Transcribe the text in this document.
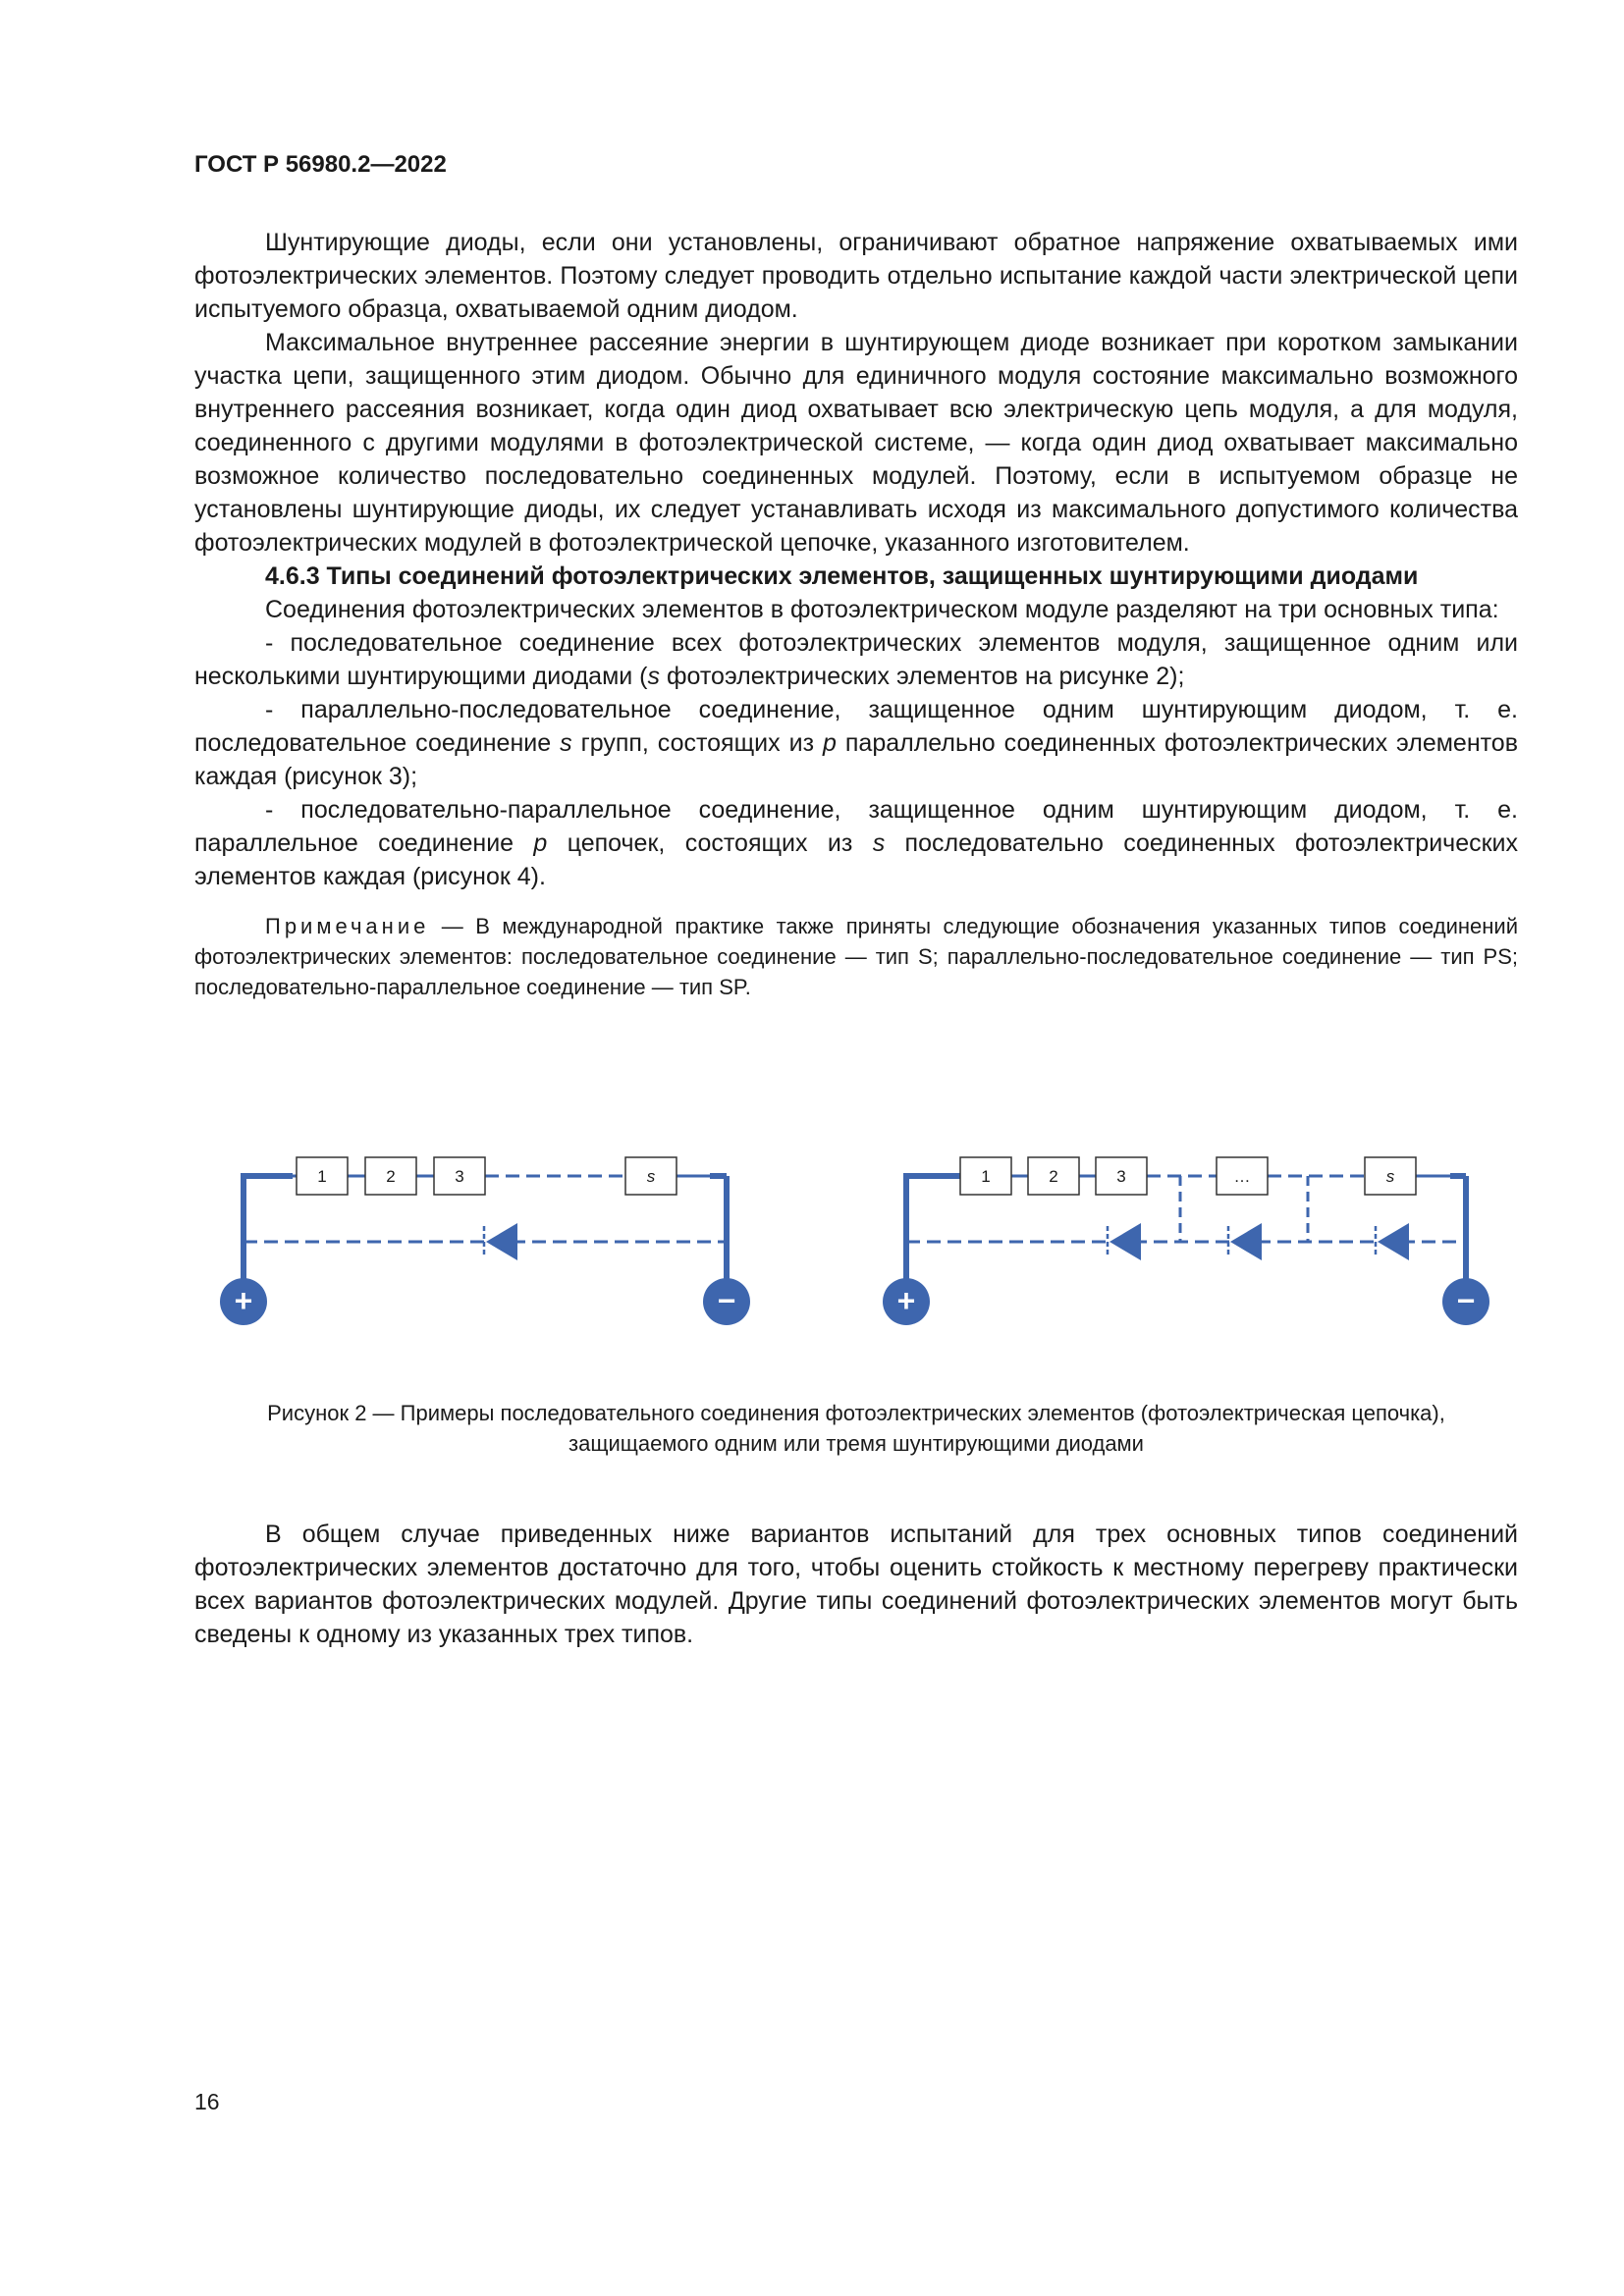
ГОСТ Р 56980.2—2022

Шунтирующие диоды, если они установлены, ограничивают обратное напряжение охватываемых ими фотоэлектрических элементов. Поэтому следует проводить отдельно испытание каждой части электрической цепи испытуемого образца, охватываемой одним диодом.

Максимальное внутреннее рассеяние энергии в шунтирующем диоде возникает при коротком замыкании участка цепи, защищенного этим диодом. Обычно для единичного модуля состояние максимально возможного внутреннего рассеяния возникает, когда один диод охватывает всю электрическую цепь модуля, а для модуля, соединенного с другими модулями в фотоэлектрической системе, — когда один диод охватывает максимально возможное количество последовательно соединенных модулей. Поэтому, если в испытуемом образце не установлены шунтирующие диоды, их следует устанавливать исходя из максимального допустимого количества фотоэлектрических модулей в фотоэлектрической цепочке, указанного изготовителем.

4.6.3 Типы соединений фотоэлектрических элементов, защищенных шунтирующими диодами

Соединения фотоэлектрических элементов в фотоэлектрическом модуле разделяют на три основных типа:

- последовательное соединение всех фотоэлектрических элементов модуля, защищенное одним или несколькими шунтирующими диодами (s фотоэлектрических элементов на рисунке 2);

- параллельно-последовательное соединение, защищенное одним шунтирующим диодом, т. е. последовательное соединение s групп, состоящих из p параллельно соединенных фотоэлектрических элементов каждая (рисунок 3);

- последовательно-параллельное соединение, защищенное одним шунтирующим диодом, т. е. параллельное соединение p цепочек, состоящих из s последовательно соединенных фотоэлектрических элементов каждая (рисунок 4).

Примечание — В международной практике также приняты следующие обозначения указанных типов соединений фотоэлектрических элементов: последовательное соединение — тип S; параллельно-последовательное соединение — тип PS; последовательно-параллельное соединение — тип SP.

1	2	3	s
+	−
1	2	3	…	s
+	−
Рисунок 2 — Примеры последовательного соединения фотоэлектрических элементов (фотоэлектрическая цепочка), защищаемого одним или тремя шунтирующими диодами

В общем случае приведенных ниже вариантов испытаний для трех основных типов соединений фотоэлектрических элементов достаточно для того, чтобы оценить стойкость к местному перегреву практически всех вариантов фотоэлектрических модулей. Другие типы соединений фотоэлектрических элементов могут быть сведены к одному из указанных трех типов.

16
